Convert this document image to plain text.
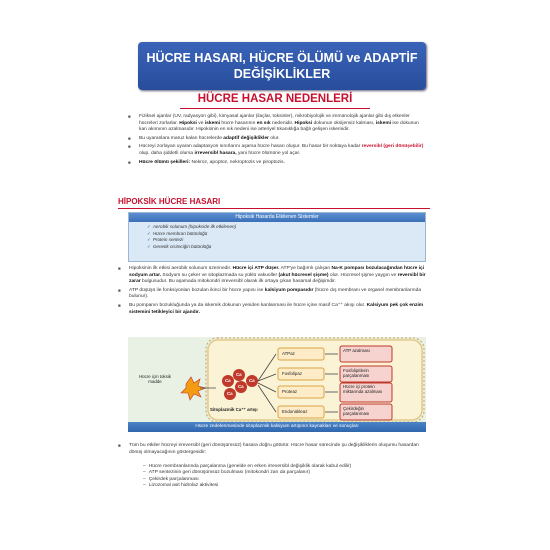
HÜCRE HASARI, HÜCRE ÖLÜMÜ ve ADAPTİF
DEĞİŞİKLİKLER
HÜCRE HASAR NEDENLERİ
■ Fiziksel ajanlar (UV, radyasyon gibi), kimyasal ajanlar (ilaçlar, toksinler), mikrobiyolojik ve immünolojik ajanlar gibi dış etkenler hücreleri zorlarlar. Hipoksi ve iskemi hücre hasarının en sık nedenidir. Hipoksi dokunun oksijensiz kalması, iskemi ise dokunun kan akımının azalmasıdır. Hipoksinin en sık nedeni ise arteriyel tıkanıklığa bağlı gelişen iskemidir.
■ Bu uyaranlara maruz kalan hücrelerde adaptif değişiklikler olur.
■ Hücreyi zorlayan uyaran adaptasyon sınırlarını aşarsa hücre hasarı oluşur. Bu hasar bir noktaya kadar reversibl (geri dönüşebilir) olup, daha şiddetli olursa irreversibl hasara, yani hücre ölümüne yol açar.
■ Hücre ölümü şekilleri: Nekroz, apoptoz, nekroptozis ve piroptozis.
HİPOKSİK HÜCRE HASARI
Hipoksik Hasarda Etkilenen Sistemler
✓ Aerobik solunum (hipokside ilk etkilenen)
✓ Hücre membran bütünlüğü
✓ Protein sentezi
✓ Genetik cisimciğin bütünlüğü
■ Hipoksinin ilk etkisi aerobik solunum üzerinedir. Hücre içi ATP düşer. ATP'ye bağımlı çalışan Na-K pompası bozulacağından hücre içi sodyum artar. Sodyum su çeker ve sitoplazmada su yüklü vakuoller (akut hücresel şişme) olur. Hücresel şişme yaygın ve reversibl bir zarar bulgusudur. Bu aşamada mitokondri irreversibl olarak ilk ortaya çıkan hasarsal değişimdir.
■ ATP düşüşü ile fonksiyonları bozulan ikinci bir hücre yapısı ise kalsiyum pompasıdır (hücre dış membranı ve organel membranlarında bulunur).
■ Bu pompanın bozukluğunda ya da iskemik dokunun yeniden kanlanması ile hücre içine masif Ca⁺⁺ akışı olur. Kalsiyum pek çok enzim sistemini tetikleyici bir ajandır.
Hücre için toksik madde
Sitoplazmik Ca⁺⁺ artışı
Ca
Ca
Ca
Ca
Ca
ATPaz
Fosfolipaz
Proteaz
Endonükleaz
ATP azalması
Fosfolipitlerin parçalanması
Hücre içi protein miktarında azalması
Çekirdeğin parçalanması
Hücre zedelenmesinde sitoplazmik kalsiyum artışının kaynakları ve sonuçları
■ Tüm bu etkiler hücreyi irreversibl (geri dönüşümsüz) hasara doğru götürür. Hücre hasar sürecinde şu değişikliklerin oluşumu hasardan dönüş olmayacağının göstergesidir:
– Hücre membranlarında parçalanma (genelde en erken irreversibl değişiklik olarak kabul edilir)
– ATP sentezinin geri dönüşümsüz bozulması (mitokondri zarı da parçalanır)
– Çekirdek parçalanması
– Lizozomal asit hidrolaz aktivitesi
